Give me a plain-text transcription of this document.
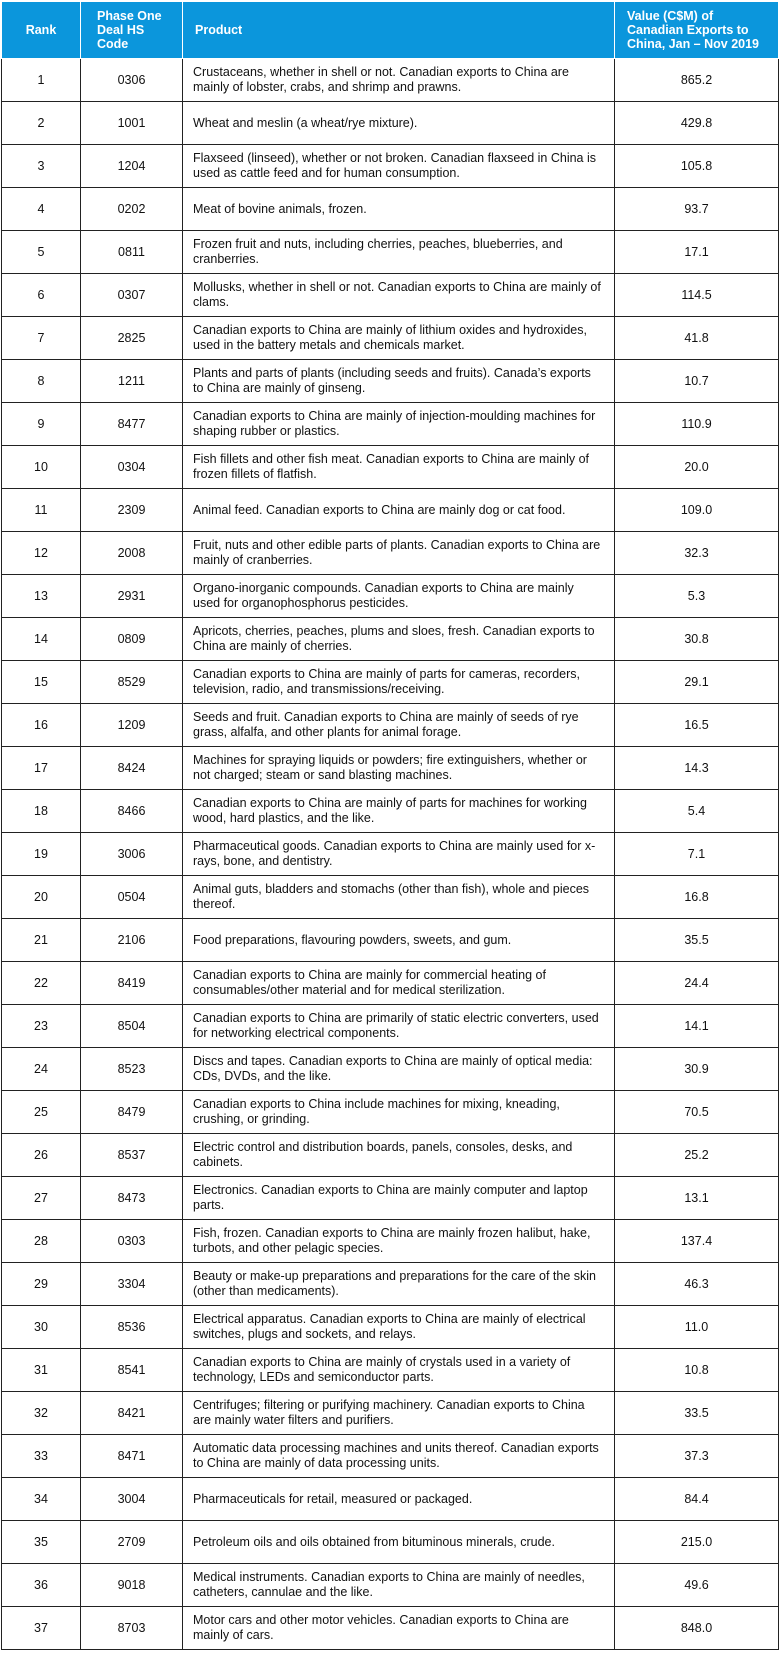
Rank	Phase One Deal HS Code	Product	Value (C$M) of Canadian Exports to China, Jan – Nov 2019
1	0306	Crustaceans, whether in shell or not. Canadian exports to China are mainly of lobster, crabs, and shrimp and prawns.	865.2
2	1001	Wheat and meslin (a wheat/rye mixture).	429.8
3	1204	Flaxseed (linseed), whether or not broken. Canadian flaxseed in China is used as cattle feed and for human consumption.	105.8
4	0202	Meat of bovine animals, frozen.	93.7
5	0811	Frozen fruit and nuts, including cherries, peaches, blueberries, and cranberries.	17.1
6	0307	Mollusks, whether in shell or not. Canadian exports to China are mainly of clams.	114.5
7	2825	Canadian exports to China are mainly of lithium oxides and hydroxides, used in the battery metals and chemicals market.	41.8
8	1211	Plants and parts of plants (including seeds and fruits). Canada’s exports to China are mainly of ginseng.	10.7
9	8477	Canadian exports to China are mainly of injection-moulding machines for shaping rubber or plastics.	110.9
10	0304	Fish fillets and other fish meat. Canadian exports to China are mainly of frozen fillets of flatfish.	20.0
11	2309	Animal feed. Canadian exports to China are mainly dog or cat food.	109.0
12	2008	Fruit, nuts and other edible parts of plants. Canadian exports to China are mainly of cranberries.	32.3
13	2931	Organo-inorganic compounds. Canadian exports to China are mainly used for organophosphorus pesticides.	5.3
14	0809	Apricots, cherries, peaches, plums and sloes, fresh. Canadian exports to China are mainly of cherries.	30.8
15	8529	Canadian exports to China are mainly of parts for cameras, recorders, television, radio, and transmissions/receiving.	29.1
16	1209	Seeds and fruit. Canadian exports to China are mainly of seeds of rye grass, alfalfa, and other plants for animal forage.	16.5
17	8424	Machines for spraying liquids or powders; fire extinguishers, whether or not charged; steam or sand blasting machines.	14.3
18	8466	Canadian exports to China are mainly of parts for machines for working wood, hard plastics, and the like.	5.4
19	3006	Pharmaceutical goods. Canadian exports to China are mainly used for x-rays, bone, and dentistry.	7.1
20	0504	Animal guts, bladders and stomachs (other than fish), whole and pieces thereof.	16.8
21	2106	Food preparations, flavouring powders, sweets, and gum.	35.5
22	8419	Canadian exports to China are mainly for commercial heating of consumables/other material and for medical sterilization.	24.4
23	8504	Canadian exports to China are primarily of static electric converters, used for networking electrical components.	14.1
24	8523	Discs and tapes. Canadian exports to China are mainly of optical media: CDs, DVDs, and the like.	30.9
25	8479	Canadian exports to China include machines for mixing, kneading, crushing, or grinding.	70.5
26	8537	Electric control and distribution boards, panels, consoles, desks, and cabinets.	25.2
27	8473	Electronics. Canadian exports to China are mainly computer and laptop parts.	13.1
28	0303	Fish, frozen. Canadian exports to China are mainly frozen halibut, hake, turbots, and other pelagic species.	137.4
29	3304	Beauty or make-up preparations and preparations for the care of the skin (other than medicaments).	46.3
30	8536	Electrical apparatus. Canadian exports to China are mainly of electrical switches, plugs and sockets, and relays.	11.0
31	8541	Canadian exports to China are mainly of crystals used in a variety of technology, LEDs and semiconductor parts.	10.8
32	8421	Centrifuges; filtering or purifying machinery. Canadian exports to China are mainly water filters and purifiers.	33.5
33	8471	Automatic data processing machines and units thereof. Canadian exports to China are mainly of data processing units.	37.3
34	3004	Pharmaceuticals for retail, measured or packaged.	84.4
35	2709	Petroleum oils and oils obtained from bituminous minerals, crude.	215.0
36	9018	Medical instruments. Canadian exports to China are mainly of needles, catheters, cannulae and the like.	49.6
37	8703	Motor cars and other motor vehicles. Canadian exports to China are mainly of cars.	848.0
